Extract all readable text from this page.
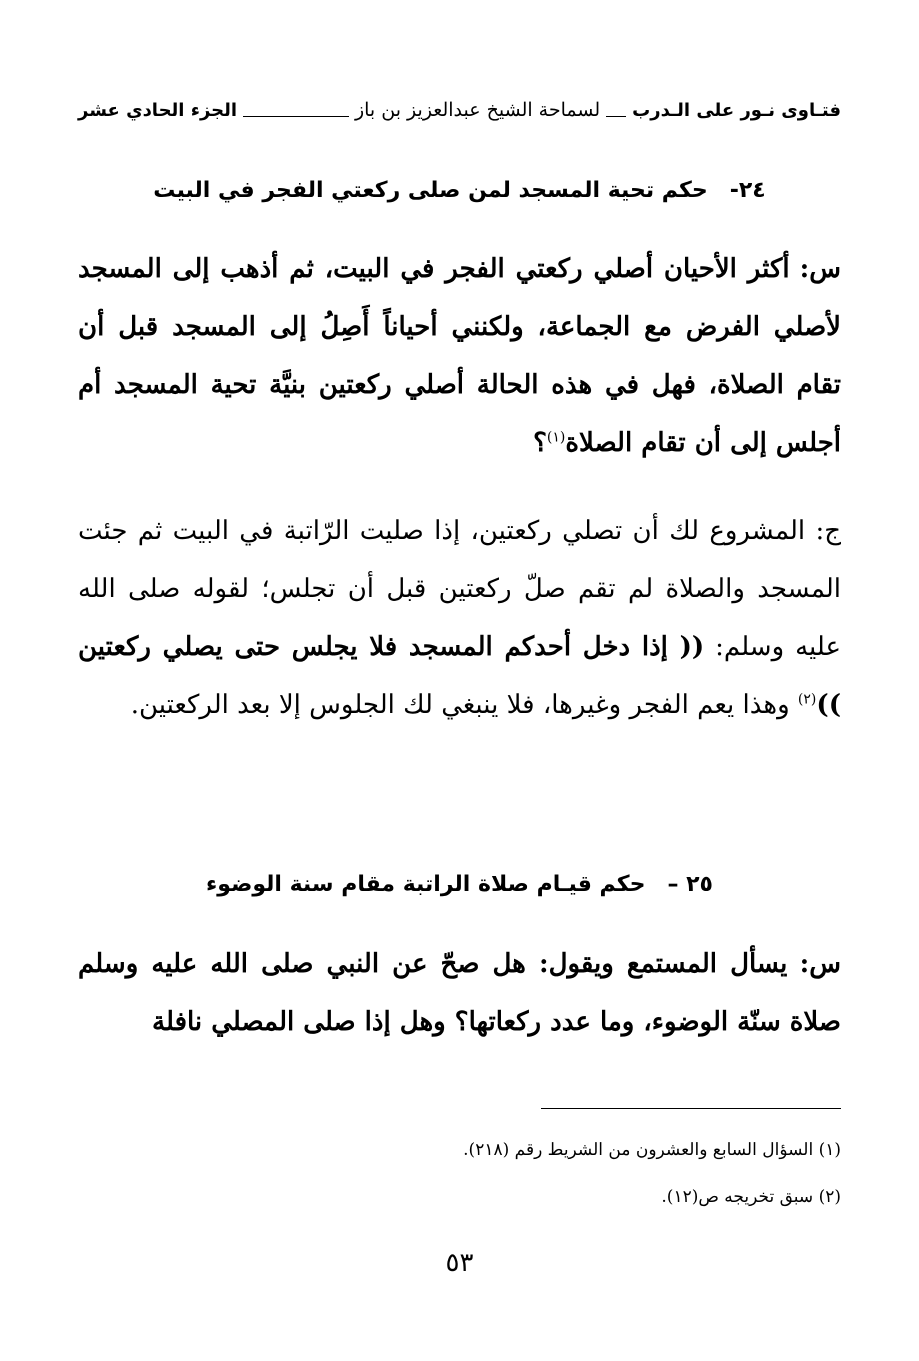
فتـاوى نـور على الـدرب
لسماحة الشيخ عبدالعزيز بن باز
الجزء الحادي عشر
٢٤-حكم تحية المسجد لمن صلى ركعتي الفجر في البيت
س: أكثر الأحيان أصلي ركعتي الفجر في البيت، ثم أذهب إلى المسجد لأصلي الفرض مع الجماعة، ولكنني أحياناً أَصِلُ إلى المسجد قبل أن تقام الصلاة، فهل في هذه الحالة أصلي ركعتين بنيَّة تحية المسجد أم أجلس إلى أن تقام الصلاة$^{(١)}$؟
ج: المشروع لك أن تصلي ركعتين، إذا صليت الرّاتبة في البيت ثم جئت المسجد والصلاة لم تقم صلّ ركعتين قبل أن تجلس؛ لقوله صلى الله عليه وسلم: (( إذا دخل أحدكم المسجد فلا يجلس حتى يصلي ركعتين ))$^{(٢)}$ وهذا يعم الفجر وغيرها، فلا ينبغي لك الجلوس إلا بعد الركعتين.
٢٥ –حكم قيـام صلاة الراتبة مقام سنة الوضوء
س: يسأل المستمع ويقول: هل صحّ عن النبي صلى الله عليه وسلم صلاة سنّة الوضوء، وما عدد ركعاتها؟ وهل إذا صلى المصلي نافلة
(١) السؤال السابع والعشرون من الشريط رقم (٢١٨).
(٢) سبق تخريجه ص(١٢).
٥٣
